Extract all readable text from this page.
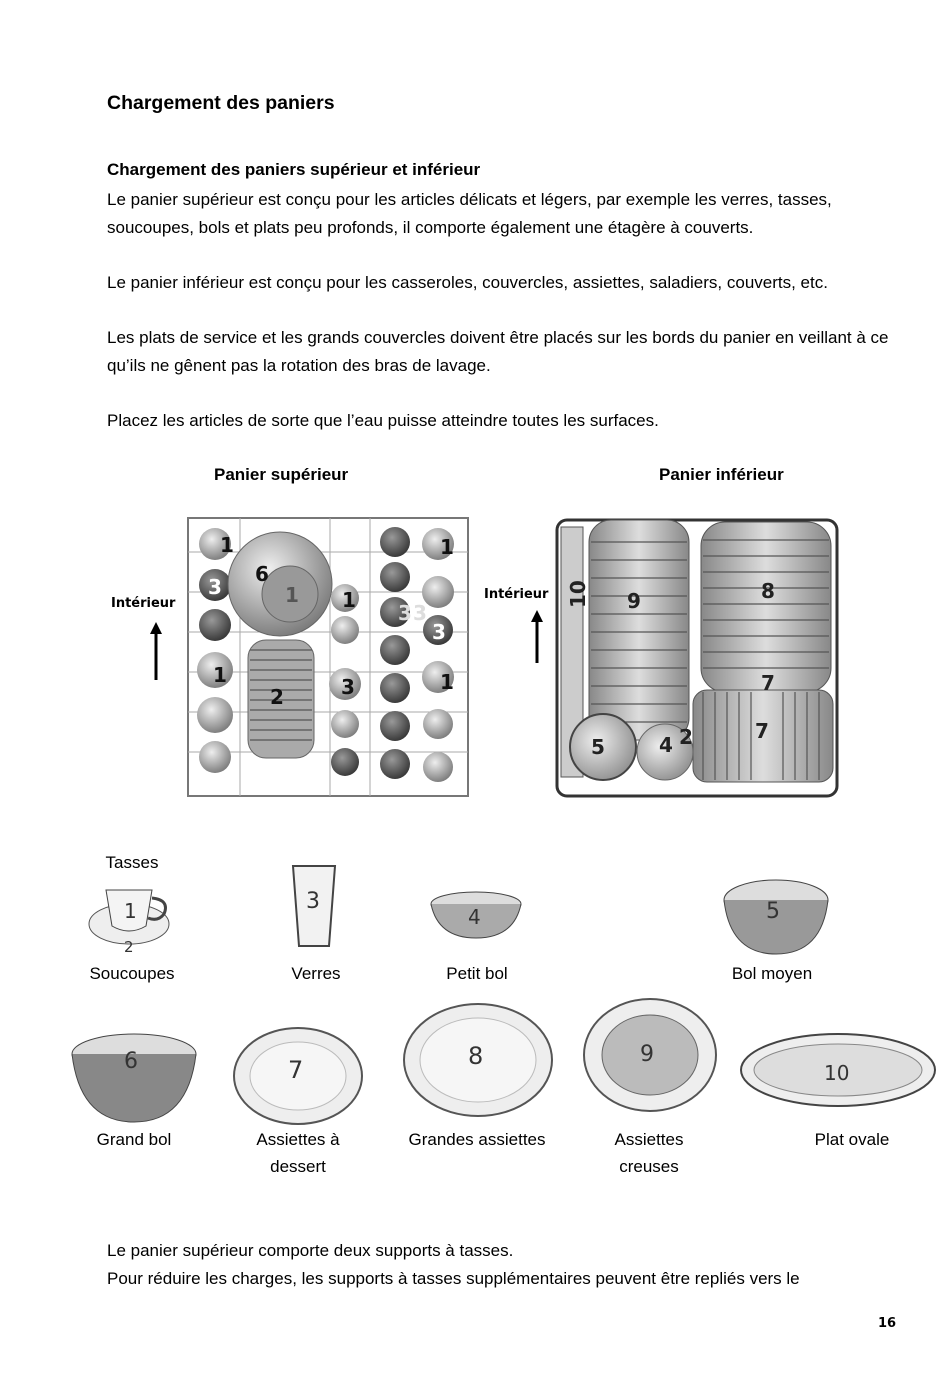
Chargement des paniers
Chargement des paniers supérieur et inférieur
Le panier supérieur est conçu pour les articles délicats et légers, par exemple les verres, tasses, soucoupes, bols et plats peu profonds, il comporte également une étagère à couverts.
Le panier inférieur est conçu pour les casseroles, couvercles, assiettes, saladiers, couverts, etc.
Les plats de service et les grands couvercles doivent être placés sur les bords du panier en veillant à ce qu’ils ne gênent pas la rotation des bras de lavage.
Placez les articles de sorte que l’eau puisse atteindre toutes les surfaces.
Panier supérieur	Panier inférieur
Intérieur
Intérieur
1	1
6
1
3
1
3
3
3
1
2
3
1
9	8
10
7
7
5	4 2
Tasses
1
2
3
4	5
Soucoupes	Verres	Petit bol	Bol moyen
6	7	8	9
10
Grand bol	Assiettes à dessert
Grandes assiettes	Assiettes creuses
Plat ovale
Le panier supérieur comporte deux supports à tasses.
Pour réduire les charges, les supports à tasses supplémentaires peuvent être repliés vers le
16
